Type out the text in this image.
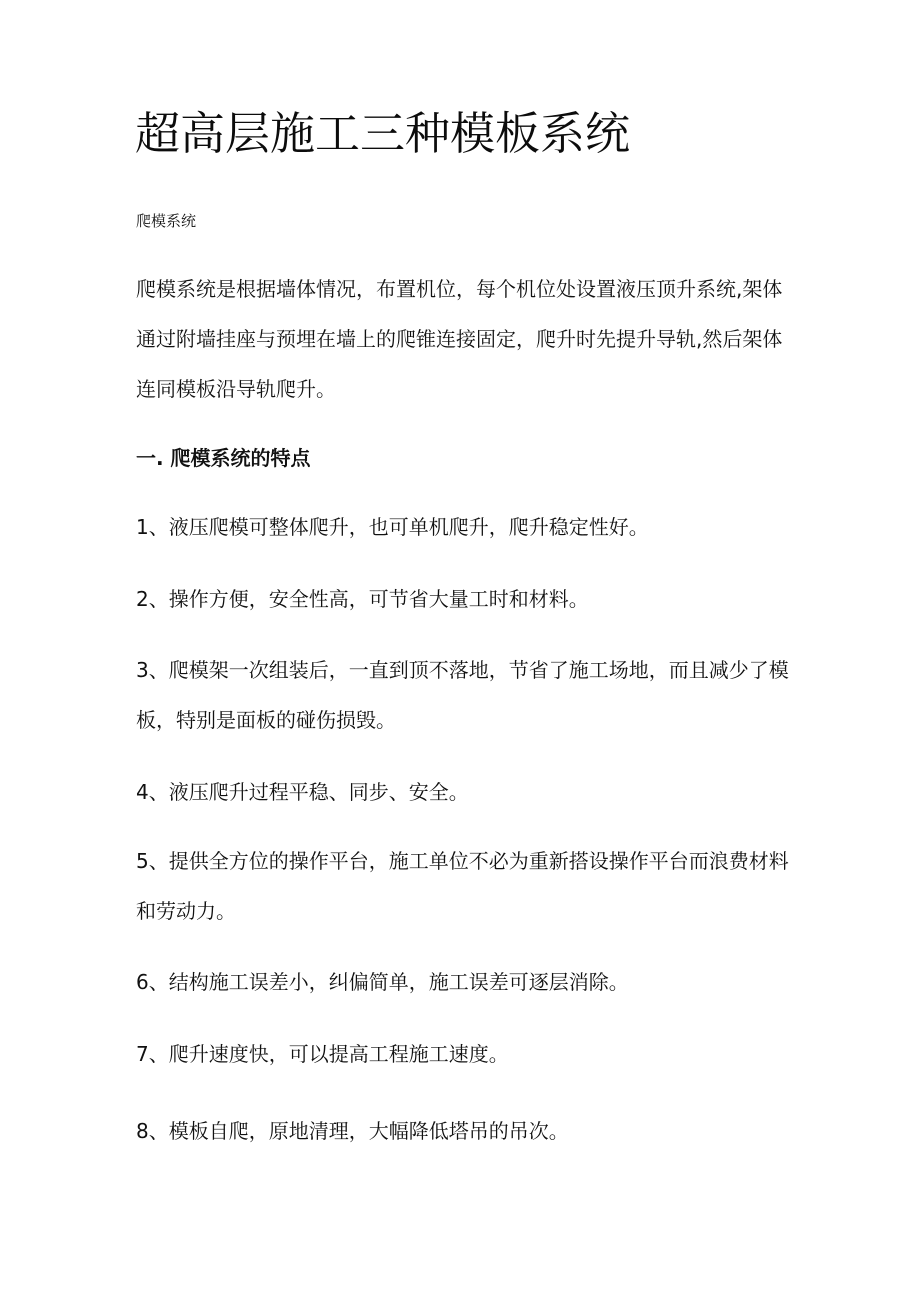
超高层施工三种模板系统

爬模系统

爬模系统是根据墙体情况，布置机位，每个机位处设置液压顶升系统,架体
通过附墙挂座与预埋在墙上的爬锥连接固定，爬升时先提升导轨,然后架体
连同模板沿导轨爬升。

一. 爬模系统的特点

1、液压爬模可整体爬升，也可单机爬升，爬升稳定性好。

2、操作方便，安全性高，可节省大量工时和材料。

3、爬模架一次组装后，一直到顶不落地，节省了施工场地，而且减少了模
板，特别是面板的碰伤损毁。

4、液压爬升过程平稳、同步、安全。

5、提供全方位的操作平台，施工单位不必为重新搭设操作平台而浪费材料
和劳动力。

6、结构施工误差小，纠偏简单，施工误差可逐层消除。

7、爬升速度快，可以提高工程施工速度。

8、模板自爬，原地清理，大幅降低塔吊的吊次。
